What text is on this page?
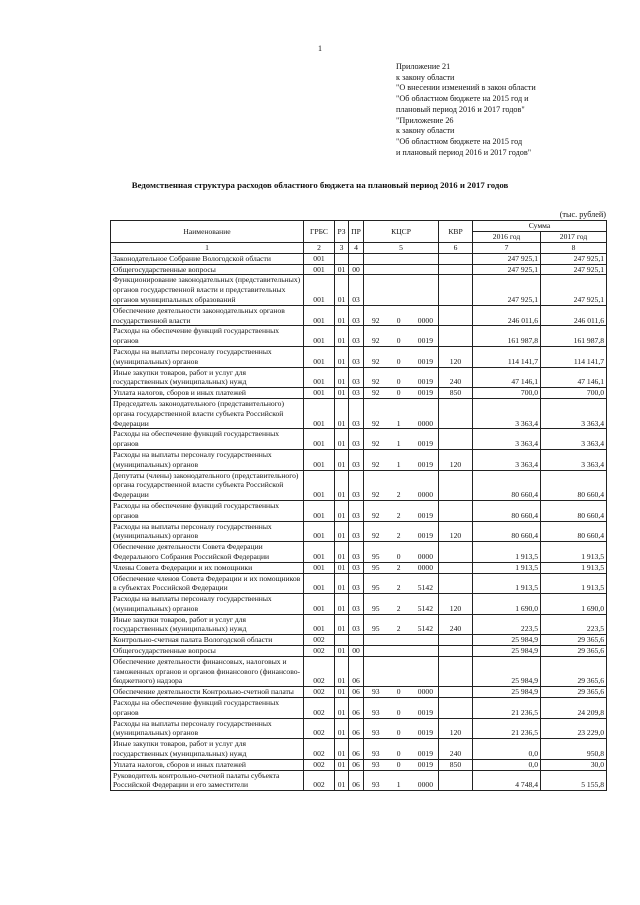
1
Приложение 21
к закону области
"О внесении изменений в закон области
"Об областном бюджете на 2015 год и
плановый период 2016 и 2017 годов"
"Приложение 26
к закону области
"Об областном бюджете на 2015 год
и плановый период 2016 и 2017 годов"
Ведомственная структура расходов областного бюджета на плановый период 2016 и 2017 годов
(тыс. рублей)
Наименование	ГРБС	РЗ	ПР	КЦСР	КВР	Сумма	
						2016 год	2017 год
1	2	3	4	5	6	7	8
Законодательное Собрание Вологодской области	001					247 925,1	247 925,1
Общегосударственные вопросы	001	01	00			247 925,1	247 925,1
Функционирование законодательных (представительных) органов государственной власти и представительных органов муниципальных образований	001	01	03			247 925,1	247 925,1
Обеспечение деятельности законодательных органов государственной власти	001	01	03	92 0 0000		246 011,6	246 011,6
Расходы на обеспечение функций государственных органов	001	01	03	92 0 0019		161 987,8	161 987,8
Расходы на выплаты персоналу государственных (муниципальных) органов	001	01	03	92 0 0019	120	114 141,7	114 141,7
Иные закупки товаров, работ и услуг для государственных (муниципальных) нужд	001	01	03	92 0 0019	240	47 146,1	47 146,1
Уплата налогов, сборов и иных платежей	001	01	03	92 0 0019	850	700,0	700,0
Председатель законодательного (представительного) органа государственной власти субъекта Российской Федерации	001	01	03	92 1 0000		3 363,4	3 363,4
Расходы на обеспечение функций государственных органов	001	01	03	92 1 0019		3 363,4	3 363,4
Расходы на выплаты персоналу государственных (муниципальных) органов	001	01	03	92 1 0019	120	3 363,4	3 363,4
Депутаты (члены) законодательного (представительного) органа государственной власти субъекта Российской Федерации	001	01	03	92 2 0000		80 660,4	80 660,4
Расходы на обеспечение функций государственных органов	001	01	03	92 2 0019		80 660,4	80 660,4
Расходы на выплаты персоналу государственных (муниципальных) органов	001	01	03	92 2 0019	120	80 660,4	80 660,4
Обеспечение деятельности Совета Федерации Федерального Собрания Российской Федерации	001	01	03	95 0 0000		1 913,5	1 913,5
Члены Совета Федерации и их помощники	001	01	03	95 2 0000		1 913,5	1 913,5
Обеспечение членов Совета Федерации и их помощников в субъектах Российской Федерации	001	01	03	95 2 5142		1 913,5	1 913,5
Расходы на выплаты персоналу государственных (муниципальных) органов	001	01	03	95 2 5142	120	1 690,0	1 690,0
Иные закупки товаров, работ и услуг для государственных (муниципальных) нужд	001	01	03	95 2 5142	240	223,5	223,5
Контрольно-счетная палата Вологодской области	002					25 984,9	29 365,6
Общегосударственные вопросы	002	01	00			25 984,9	29 365,6
Обеспечение деятельности финансовых, налоговых и таможенных органов и органов финансового (финансово-бюджетного) надзора	002	01	06			25 984,9	29 365,6
Обеспечение деятельности Контрольно-счетной палаты	002	01	06	93 0 0000		25 984,9	29 365,6
Расходы на обеспечение функций государственных органов	002	01	06	93 0 0019		21 236,5	24 209,8
Расходы на выплаты персоналу государственных (муниципальных) органов	002	01	06	93 0 0019	120	21 236,5	23 229,0
Иные закупки товаров, работ и услуг для государственных (муниципальных) нужд	002	01	06	93 0 0019	240	0,0	950,8
Уплата налогов, сборов и иных платежей	002	01	06	93 0 0019	850	0,0	30,0
Руководитель контрольно-счетной палаты субъекта Российской Федерации и его заместители	002	01	06	93 1 0000		4 748,4	5 155,8
